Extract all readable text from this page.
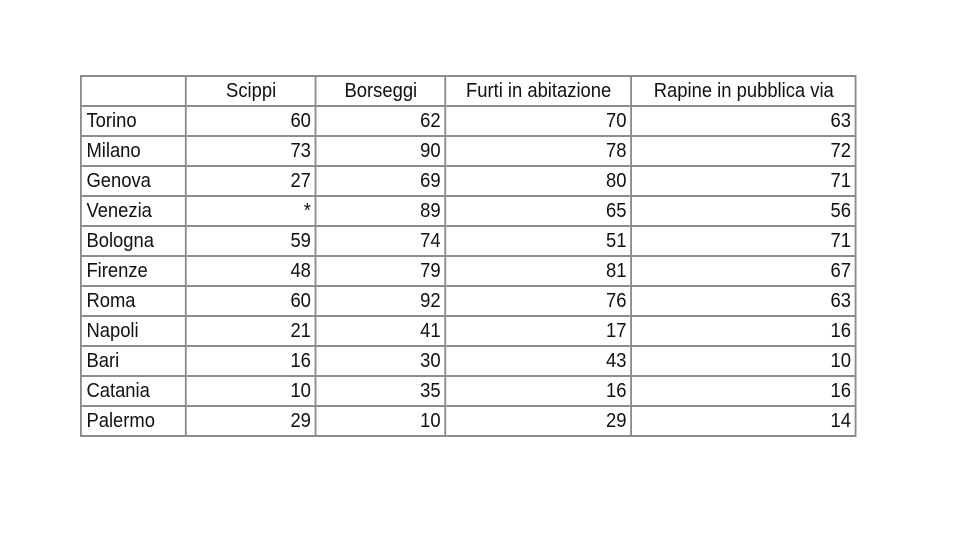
	Scippi	Borseggi	Furti in abitazione	Rapine in pubblica via
Torino	60	62	70	63
Milano	73	90	78	72
Genova	27	69	80	71
Venezia	*	89	65	56
Bologna	59	74	51	71
Firenze	48	79	81	67
Roma	60	92	76	63
Napoli	21	41	17	16
Bari	16	30	43	10
Catania	10	35	16	16
Palermo	29	10	29	14
